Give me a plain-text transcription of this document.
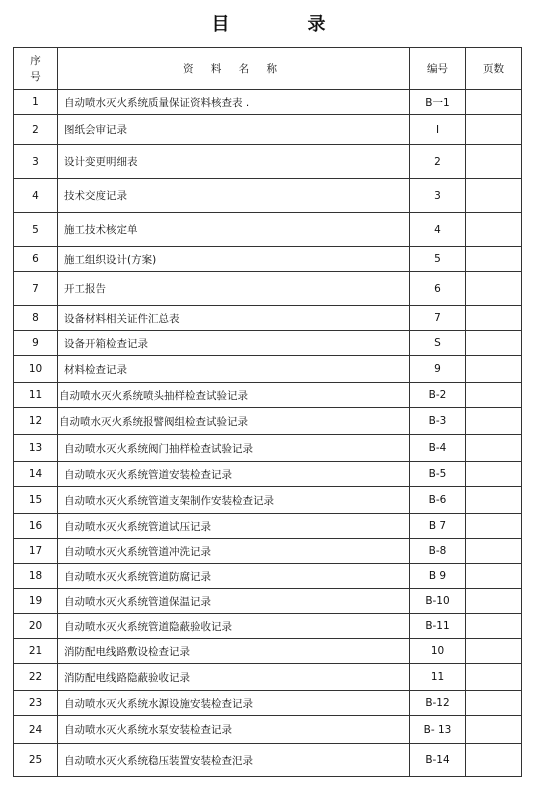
目	录
序
号	资 料 名 称	编号	页数
1	自动喷水灭火系统质量保证资料核查表 .	B一1	
2	图纸会审记录	I	
3	设计变更明细表	2	
4	技术交度记录	3	
5	施工技术核定单	4	
6	施工组织设计(方案)	5	
7	开工报告	6	
8	设备材料相关证件汇总表	7	
9	设备开箱检查记录	S	
10	材料检查记录	9	
11	自动喷水灭火系统喷头抽样检查试验记录	B-2	
12	自动喷水灭火系统报譬阀组检查试验记录	B-3	
13	自动喷水灭火系统阀门抽样检查试验记录	B-4	
14	自动喷水灭火系统管道安装检查记录	B-5	
15	自动喷水灭火系统管道支架制作安装检查记录	B-6	
16	自动喷水灭火系统管道试压记录	B 7	
17	自动喷水灭火系统管道冲洗记录	B-8	
18	自动喷水灭火系统管道防腐记录	B 9	
19	自动喷水灭火系统管道保温记录	B-10	
20	自动喷水灭火系统管道隐蔽验收记录	B-11	
21	消防配电线路敷设检查记录	10	
22	消防配电线路隐蔽验收记录	11	
23	自动喷水灭火系统水源设施安装检查记录	B-12	
24	自动喷水灭火系统水泵安装检查记录	B- 13	
25	自动喷水灭火系统稳压装置安装检查汜录	B-14	
